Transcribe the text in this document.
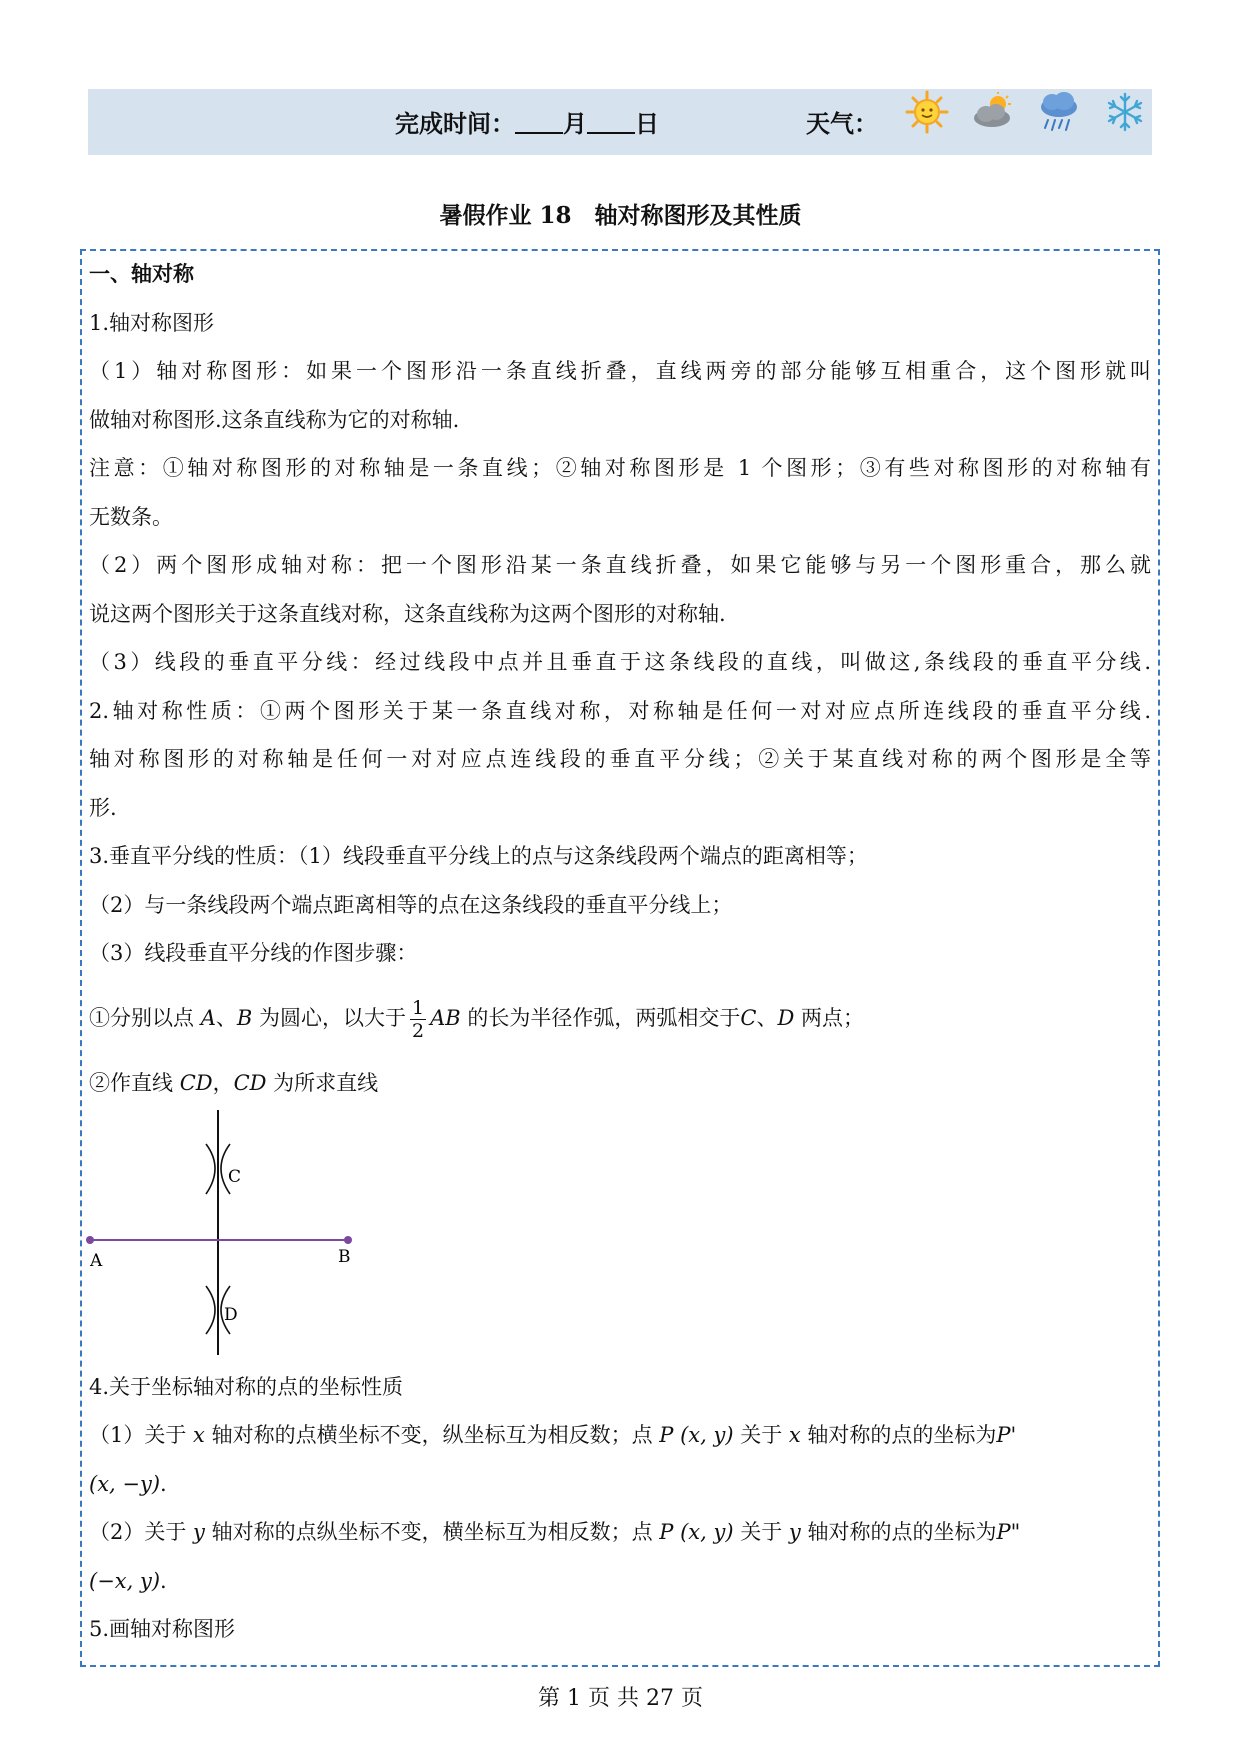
完成时间： 月 日	天气：
暑假作业 18　轴对称图形及其性质

一、轴对称

1.轴对称图形

（1）轴对称图形：如果一个图形沿一条直线折叠，直线两旁的部分能够互相重合，这个图形就叫

做轴对称图形.这条直线称为它的对称轴.

注意：①轴对称图形的对称轴是一条直线；②轴对称图形是 1 个图形；③有些对称图形的对称轴有

无数条。

（2）两个图形成轴对称：把一个图形沿某一条直线折叠，如果它能够与另一个图形重合，那么就

说这两个图形关于这条直线对称，这条直线称为这两个图形的对称轴.

（3）线段的垂直平分线：经过线段中点并且垂直于这条线段的直线，叫做这,条线段的垂直平分线.

2.轴对称性质：①两个图形关于某一条直线对称，对称轴是任何一对对应点所连线段的垂直平分线.

轴对称图形的对称轴是任何一对对应点连线段的垂直平分线；②关于某直线对称的两个图形是全等

形.

3.垂直平分线的性质：（1）线段垂直平分线上的点与这条线段两个端点的距离相等；

（2）与一条线段两个端点距离相等的点在这条线段的垂直平分线上；

（3）线段垂直平分线的作图步骤：

①分别以点 A、B 为圆心，以大于 $\frac{1}{2}$ AB 的长为半径作弧，两弧相交于C、D 两点；

②作直线 CD，CD 为所求直线

4.关于坐标轴对称的点的坐标性质

（1）关于 x 轴对称的点横坐标不变，纵坐标互为相反数；点 P (x, y) 关于 x 轴对称的点的坐标为P'

(x, −y).

（2）关于 y 轴对称的点纵坐标不变，横坐标互为相反数；点 P (x, y) 关于 y 轴对称的点的坐标为P"

(−x, y).

5.画轴对称图形

C
A	B
D
第 1 页 共 27 页
